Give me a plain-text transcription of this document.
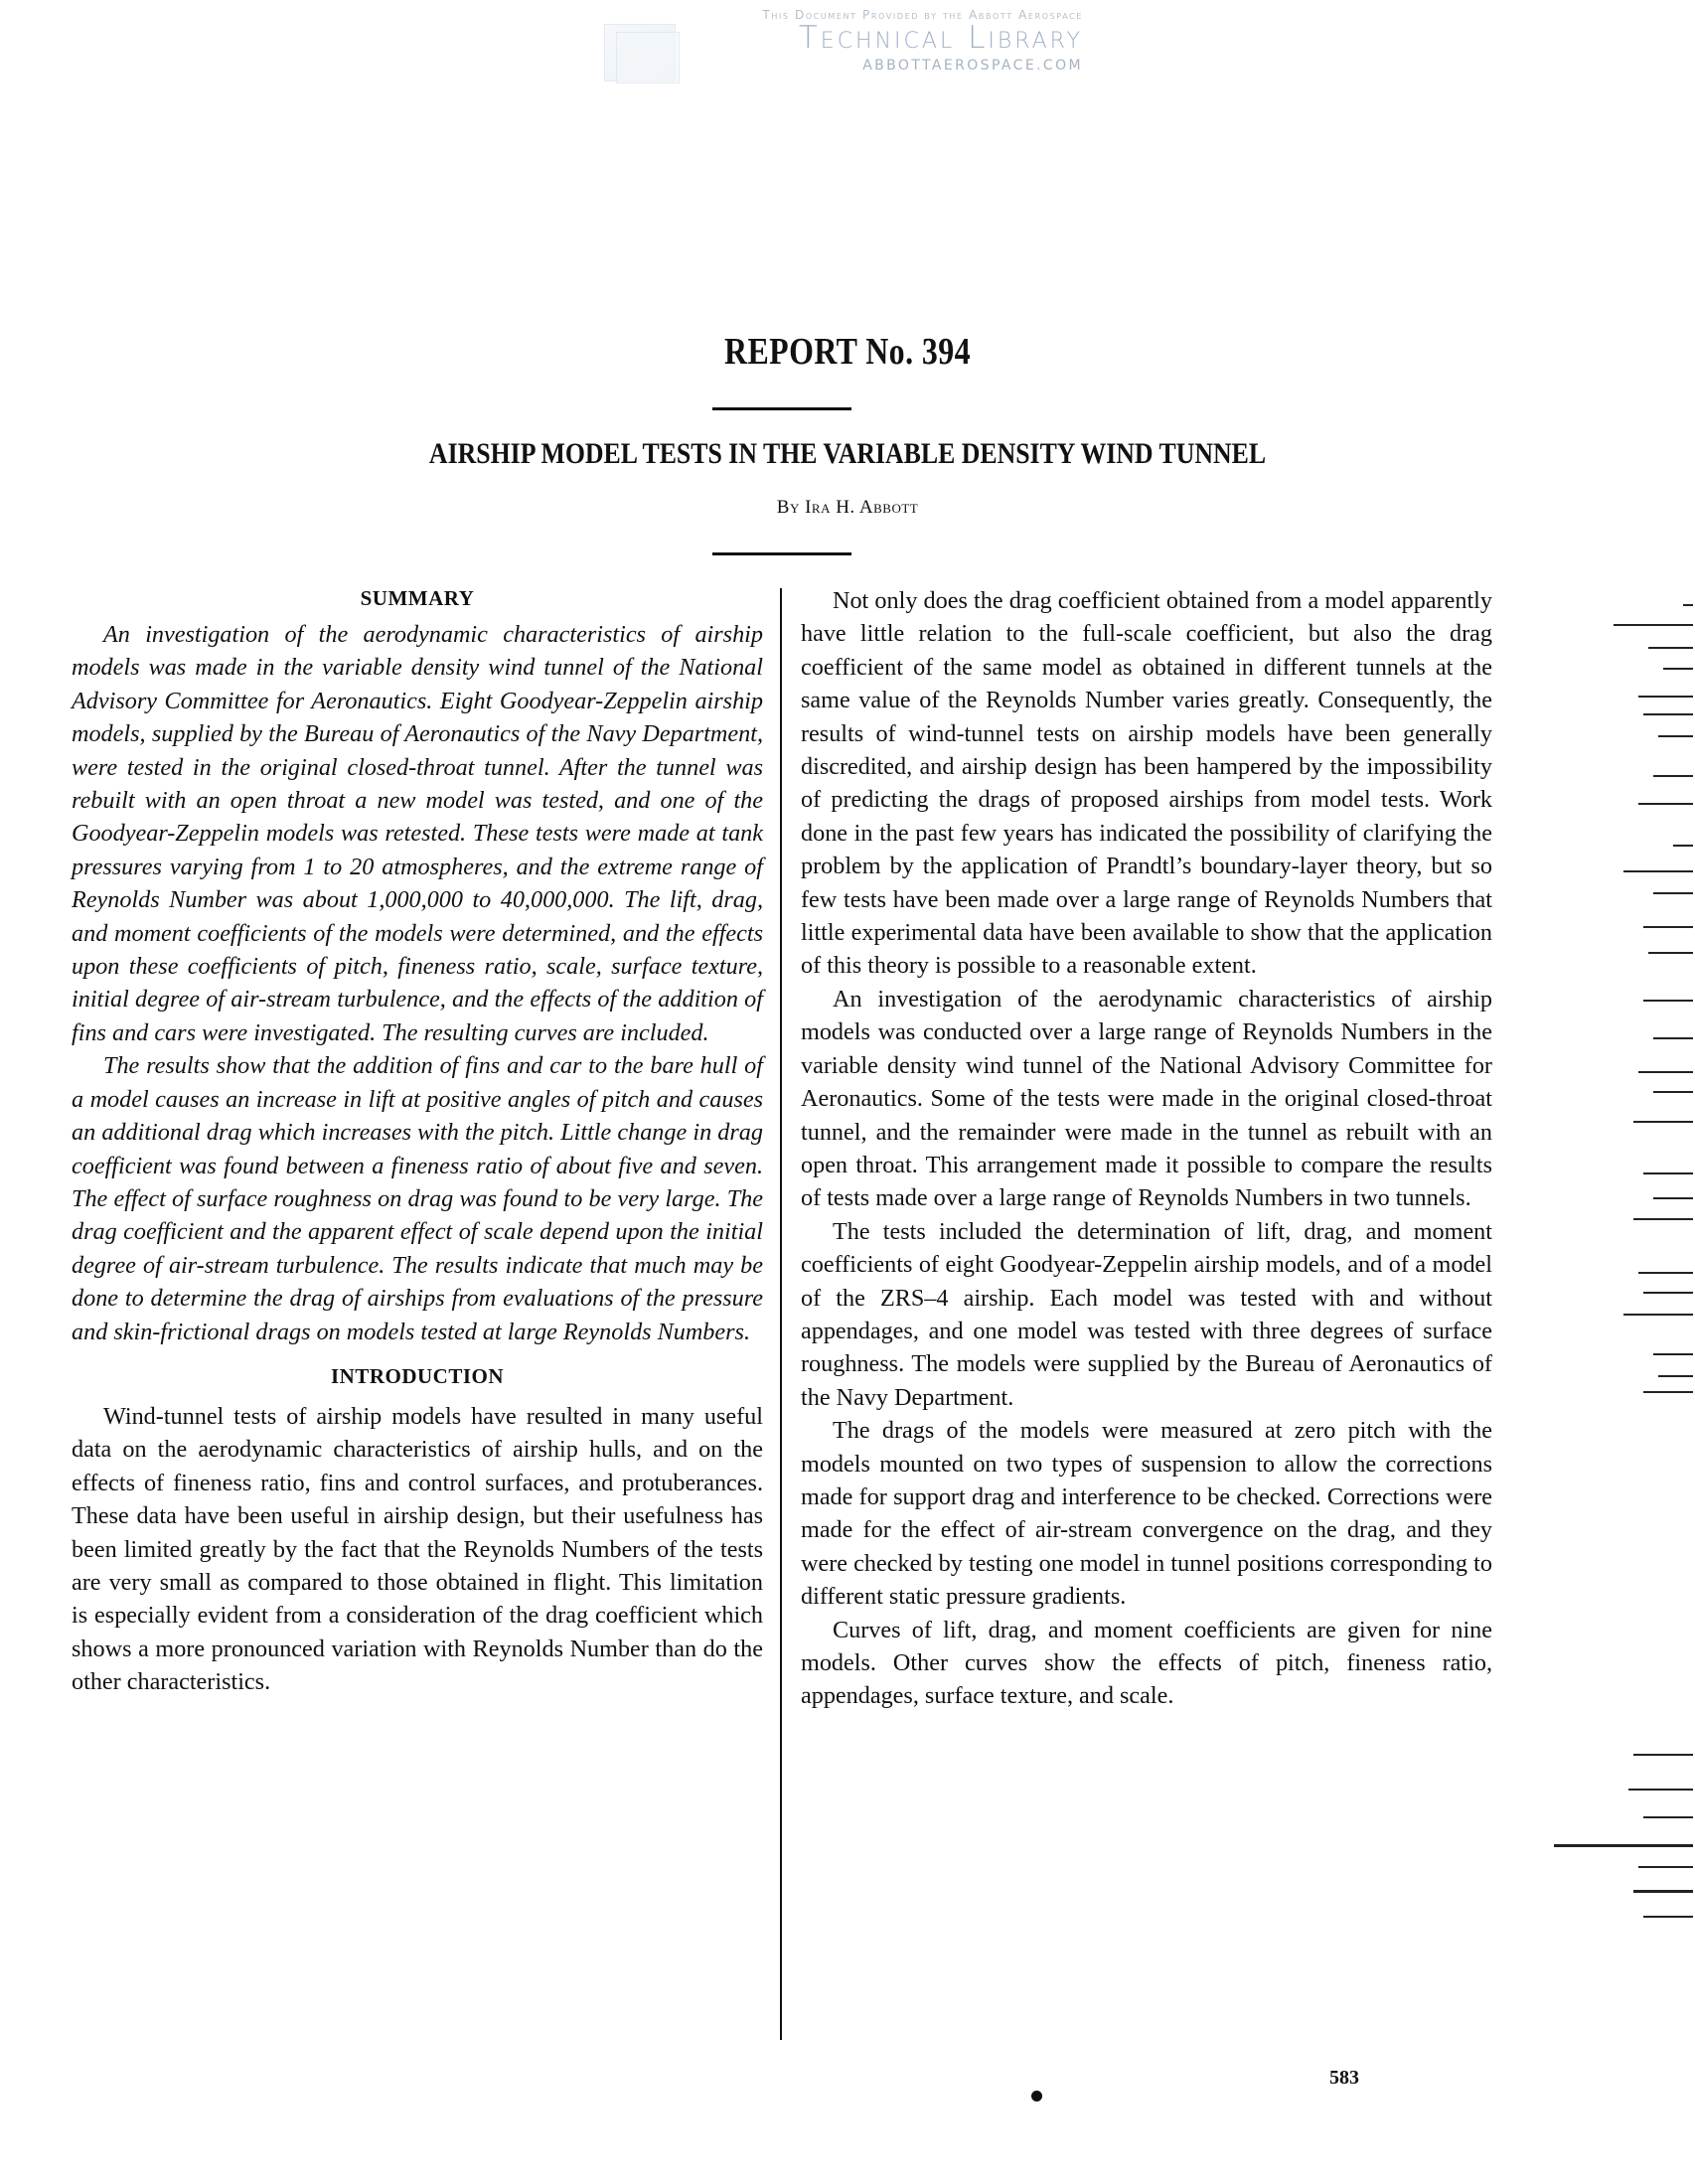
This Document Provided by the Abbott Aerospace
Technical Library
ABBOTTAEROSPACE.COM
REPORT No. 394
AIRSHIP MODEL TESTS IN THE VARIABLE DENSITY WIND TUNNEL
By Ira H. Abbott
SUMMARY

An investigation of the aerodynamic characteristics of airship models was made in the variable density wind tunnel of the National Advisory Committee for Aeronautics. Eight Goodyear-Zeppelin airship models, supplied by the Bureau of Aeronautics of the Navy Department, were tested in the original closed-throat tunnel. After the tunnel was rebuilt with an open throat a new model was tested, and one of the Goodyear-Zeppelin models was retested. These tests were made at tank pressures varying from 1 to 20 atmospheres, and the extreme range of Reynolds Number was about 1,000,000 to 40,000,000. The lift, drag, and moment coefficients of the models were determined, and the effects upon these coefficients of pitch, fineness ratio, scale, surface texture, initial degree of air-stream turbulence, and the effects of the addition of fins and cars were investigated. The resulting curves are included.

The results show that the addition of fins and car to the bare hull of a model causes an increase in lift at positive angles of pitch and causes an additional drag which increases with the pitch. Little change in drag coefficient was found between a fineness ratio of about five and seven. The effect of surface roughness on drag was found to be very large. The drag coefficient and the apparent effect of scale depend upon the initial degree of air-stream turbulence. The results indicate that much may be done to determine the drag of airships from evaluations of the pressure and skin-frictional drags on models tested at large Reynolds Numbers.

INTRODUCTION

Wind-tunnel tests of airship models have resulted in many useful data on the aerodynamic characteristics of airship hulls, and on the effects of fineness ratio, fins and control surfaces, and protuberances. These data have been useful in airship design, but their usefulness has been limited greatly by the fact that the Reynolds Numbers of the tests are very small as compared to those obtained in flight. This limitation is especially evident from a consideration of the drag coefficient which shows a more pronounced variation with Reynolds Number than do the other characteristics.

Not only does the drag coefficient obtained from a model apparently have little relation to the full-scale coefficient, but also the drag coefficient of the same model as obtained in different tunnels at the same value of the Reynolds Number varies greatly. Consequently, the results of wind-tunnel tests on airship models have been generally discredited, and airship design has been hampered by the impossibility of predicting the drags of proposed airships from model tests. Work done in the past few years has indicated the possibility of clarifying the problem by the application of Prandtl’s boundary-layer theory, but so few tests have been made over a large range of Reynolds Numbers that little experimental data have been available to show that the application of this theory is possible to a reasonable extent.

An investigation of the aerodynamic characteristics of airship models was conducted over a large range of Reynolds Numbers in the variable density wind tunnel of the National Advisory Committee for Aeronautics. Some of the tests were made in the original closed-throat tunnel, and the remainder were made in the tunnel as rebuilt with an open throat. This arrangement made it possible to compare the results of tests made over a large range of Reynolds Numbers in two tunnels.

The tests included the determination of lift, drag, and moment coefficients of eight Goodyear-Zeppelin airship models, and of a model of the ZRS–4 airship. Each model was tested with and without appendages, and one model was tested with three degrees of surface roughness. The models were supplied by the Bureau of Aeronautics of the Navy Department.

The drags of the models were measured at zero pitch with the models mounted on two types of suspension to allow the corrections made for support drag and interference to be checked. Corrections were made for the effect of air-stream convergence on the drag, and they were checked by testing one model in tunnel positions corresponding to different static pressure gradients.

Curves of lift, drag, and moment coefficients are given for nine models. Other curves show the effects of pitch, fineness ratio, appendages, surface texture, and scale.

583
